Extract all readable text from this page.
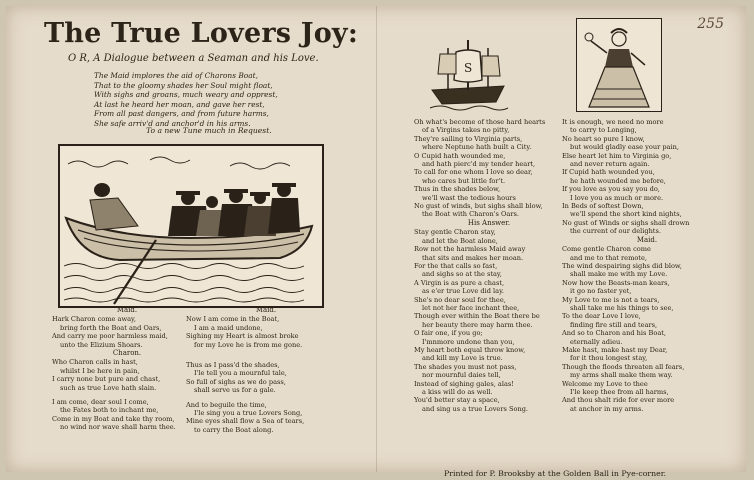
255
The True Lovers Joy:
O R, A Dialogue between a Seaman and his Love.
The Maid implores the aid of Charons Boat,
That to the gloomy shades her Soul might float,
With sighs and groans, much weary and opprest,
At last he heard her moan, and gave her rest,
From all past dangers, and from future harms,
She safe arriv'd and anchor'd in his arms.
To a new Tune much in Request.
Maid.
Hark Charon come away,
bring forth the Boat and Oars,
And carry me poor harmless maid,
unto the Elizium Shoars.
Charon.
Who Charon calls in hast,
whilst I be here in pain,
I carry none but pure and chast,
such as true Love hath slain.
I am come, dear soul I come,
the Fates both to inchant me,
Come in my Boat and take thy room,
no wind nor wave shall harm thee.
Maid.
Now I am come in the Boat,
I am a maid undone,
Sighing my Heart is almost broke
for my Love he is from me gone.
Thus as I pass'd the shades,
I'le tell you a mournful tale,
So full of sighs as we do pass,
shall serve us for a gale.
And to beguile the time,
I'le sing you a true Lovers Song,
Mine eyes shall flow a Sea of tears,
to carry the Boat along.
S
Oh what's become of those hard hearts
of a Virgins takes no pitty,
They're sailing to Virginia parts,
where Neptune hath built a City.
O Cupid hath wounded me,
and hath pierc'd my tender heart,
To call for one whom I love so dear,
who cares but little for't.
Thus in the shades below,
we'll wast the tedious hours
No gust of winds, but sighs shall blow,
the Boat with Charon's Oars.
His Answer.
Stay gentle Charon stay,
and let the Boat alone,
Row not the harmless Maid away
that sits and makes her moan.
For the that calls so fast,
and sighs so at the stay,
A Virgin is as pure a chast,
as e'er true Love did lay.
She's no dear soul for thee,
let not her face inchant thee,
Though ever within the Boat there be
her beauty there may harm thee.
O fair one, if you go;
I'mnmore undone than you,
My heart both equal throw know,
and kill my Love is true.
The shades you must not pass,
nor mournful daies tell,
Instead of sighing gales, alas!
a kiss will do as well.
You'd better stay a space,
and sing us a true Lovers Song.
It is enough, we need no more
to carry to Longing,
No heart so pure I know,
but would gladly ease your pain,
Else heart let him to Virginia go,
and never return again.
If Cupid hath wounded you,
he hath wounded me before,
If you love as you say you do,
I love you as much or more.
In Beds of softest Down,
we'll spend the short kind nights,
No gust of Winds or sighs shall drown
the current of our delights.
Maid.
Come gentle Charon come
and me to that remote,
The wind despairing sighs did blow,
shall make me with my Love.
Now how the Beasts-man kears,
it go no faster yet,
My Love to me is not a tears,
shall take me his things to see,
To the dear Love I love,
finding fire still and tears,
And so to Charon and his Boat,
eternally adieu.
Make hast, make hast my Dear,
for it thou longest stay,
Though the floods threaten all fears,
my arms shall make them way.
Welcome my Love to thee
I'le keep thee from all harms,
And thou shalt ride for ever more
at anchor in my arms.
Printed for P. Brooksby at the Golden Ball in Pye-corner.
